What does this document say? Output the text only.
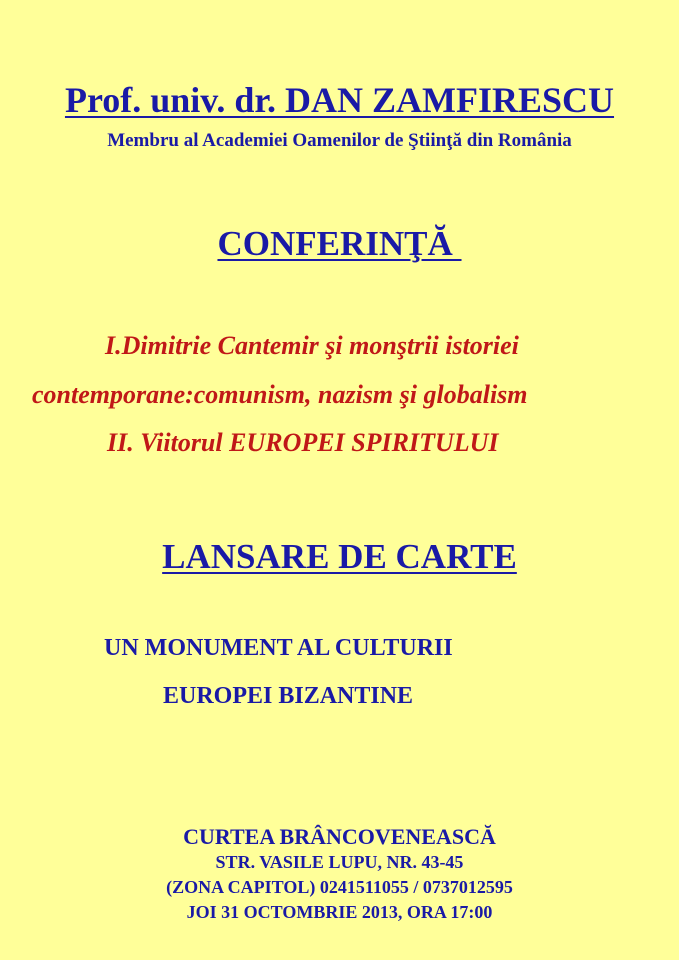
Prof. univ. dr. DAN ZAMFIRESCU
Membru al Academiei Oamenilor de Ştiinţă din România
CONFERINŢĂ
I.Dimitrie Cantemir şi monştrii istoriei
contemporane:comunism, nazism şi globalism
II. Viitorul EUROPEI SPIRITULUI
LANSARE DE CARTE
UN MONUMENT AL CULTURII
EUROPEI BIZANTINE
CURTEA BRÂNCOVENEASCĂ
STR. VASILE LUPU, NR. 43-45
(ZONA CAPITOL) 0241511055 / 0737012595
JOI 31 OCTOMBRIE 2013, ORA 17:00
